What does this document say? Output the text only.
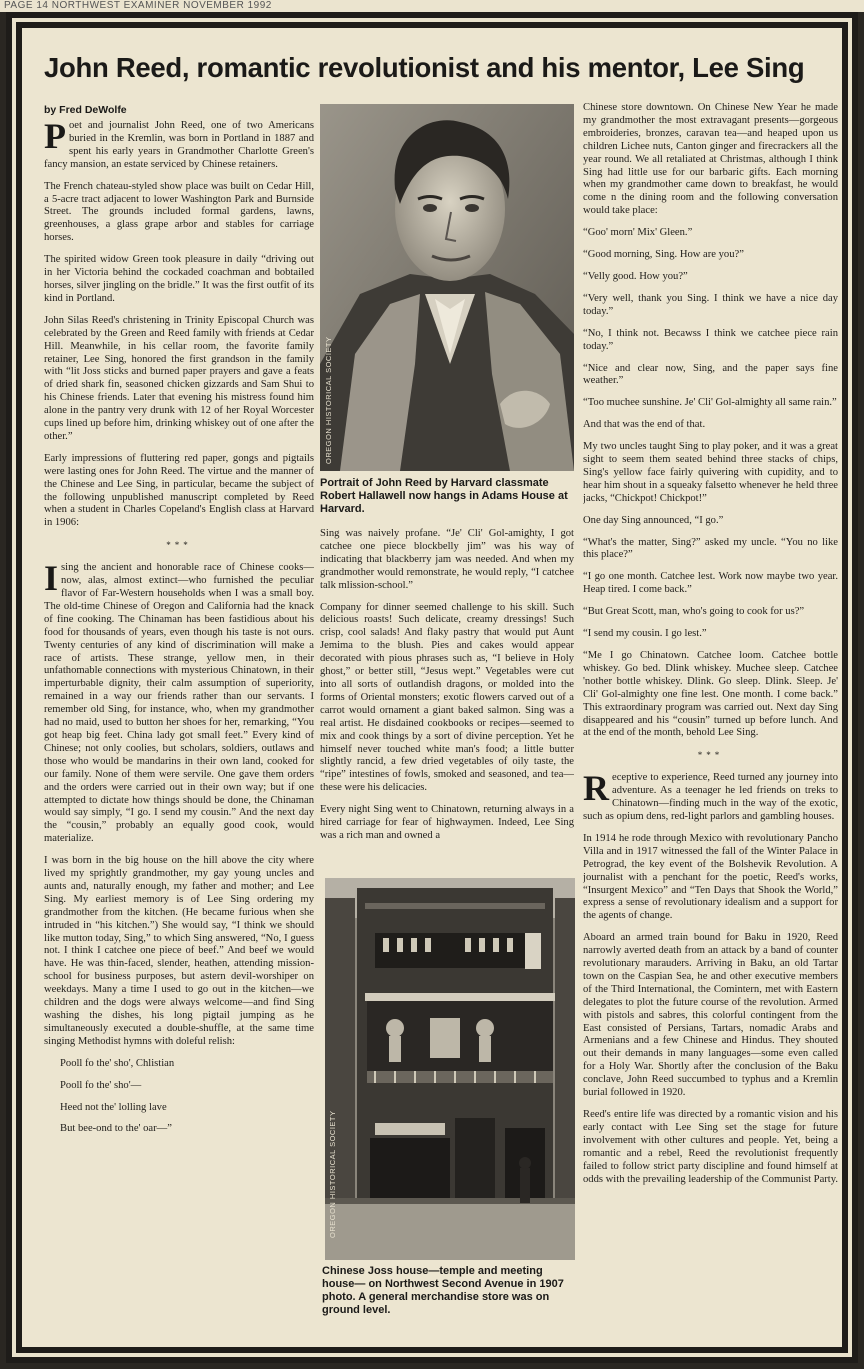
PAGE 14 NORTHWEST EXAMINER NOVEMBER 1992
John Reed, romantic revolutionist and his mentor, Lee Sing
by Fred DeWolfe

Poet and journalist John Reed, one of two Americans buried in the Kremlin, was born in Portland in 1887 and spent his early years in Grandmother Charlotte Green's fancy mansion, an estate serviced by Chinese retainers.

The French chateau-styled show place was built on Cedar Hill, a 5-acre tract adjacent to lower Washington Park and Burnside Street. The grounds included formal gardens, lawns, greenhouses, a glass grape arbor and stables for carriage horses.

The spirited widow Green took pleasure in daily “driving out in her Victoria behind the cockaded coachman and bobtailed horses, silver jingling on the bridle.” It was the first outfit of its kind in Portland.

John Silas Reed's christening in Trinity Episcopal Church was celebrated by the Green and Reed family with friends at Cedar Hill. Meanwhile, in his cellar room, the favorite family retainer, Lee Sing, honored the first grandson in the family with “lit Joss sticks and burned paper prayers and gave a feats of dried shark fin, seasoned chicken gizzards and Sam Shui to his Chinese friends. Later that evening his mistress found him alone in the pantry very drunk with 12 of her Royal Worcester cups lined up before him, drinking whiskey out of one after the other.”

Early impressions of fluttering red paper, gongs and pigtails were lasting ones for John Reed. The virtue and the manner of the Chinese and Lee Sing, in particular, became the subject of the following unpublished manuscript completed by Reed when a student in Charles Copeland's English class at Harvard in 1906:

***

Ising the ancient and honorable race of Chinese cooks—now, alas, almost extinct—who furnished the peculiar flavor of Far-Western households when I was a small boy. The old-time Chinese of Oregon and California had the knack of fine cooking. The Chinaman has been fastidious about his food for thousands of years, even though his taste is not ours. Twenty centuries of any kind of discrimination will make a race of artists. These strange, yellow men, in their unfathomable connections with mysterious Chinatown, in their imperturbable dignity, their calm assumption of superiority, remained in a way our friends rather than our servants. I remember old Sing, for instance, who, when my grandmother had no maid, used to button her shoes for her, remarking, “You got heap big feet. China lady got small feet.” Every kind of Chinese; not only coolies, but scholars, soldiers, outlaws and those who would be mandarins in their own land, cooked for our family. None of them were servile. One gave them orders and the orders were carried out in their own way; but if one attempted to dictate how things should be done, the Chinaman would say simply, “I go. I send my cousin.” And the next day the “cousin,” probably an equally good cook, would materialize.

I was born in the big house on the hill above the city where lived my sprightly grandmother, my gay young uncles and aunts and, naturally enough, my father and mother; and Lee Sing. My earliest memory is of Lee Sing ordering my grandmother from the kitchen. (He became furious when she intruded in “his kitchen.”) She would say, “I think we should like mutton today, Sing,” to which Sing answered, “No, I guess not. I think I catchee one piece of beef.” And beef we would have. He was thin-faced, slender, heathen, attending mission-school for business purposes, but astern devil-worshiper on weekdays. Many a time I used to go out in the kitchen—we children and the dogs were always welcome—and find Sing washing the dishes, his long pigtail jumping as he simultaneously executed a double-shuffle, at the same time singing Methodist hymns with doleful relish:

Pooll fo the' sho', Chlistian
Pooll fo the' sho'—
Heed not the' lolling lave
But bee-ond to the' oar—”
OREGON HISTORICAL SOCIETY
Portrait of John Reed by Harvard classmate Robert Hallawell now hangs in Adams House at Harvard.

Sing was naively profane. “Je' Cli' Gol-amighty, I got catchee one piece blockbelly jim” was his way of indicating that blackberry jam was needed. And when my grandmother would remonstrate, he would reply, “I catchee talk mlission-school.”

Company for dinner seemed challenge to his skill. Such delicious roasts! Such delicate, creamy dressings! Such crisp, cool salads! And flaky pastry that would put Aunt Jemima to the blush. Pies and cakes would appear decorated with pious phrases such as, “I believe in Holy ghost,” or better still, “Jesus wept.” Vegetables were cut into all sorts of outlandish dragons, or molded into the forms of Oriental monsters; exotic flowers carved out of a carrot would ornament a giant baked salmon. Sing was a real artist. He disdained cookbooks or recipes—seemed to mix and cook things by a sort of divine perception. Yet he himself never touched white man's food; a little butter slightly rancid, a few dried vegetables of oily taste, the “ripe” intestines of fowls, smoked and seasoned, and tea—these were his delicacies.

Every night Sing went to Chinatown, returning always in a hired carriage for fear of highwaymen. Indeed, Lee Sing was a rich man and owned a

OREGON HISTORICAL SOCIETY
Chinese Joss house—temple and meeting house— on Northwest Second Avenue in 1907 photo. A general merchandise store was on ground level.

Chinese store downtown. On Chinese New Year he made my grandmother the most extravagant presents—gorgeous embroideries, bronzes, caravan tea—and heaped upon us children Lichee nuts, Canton ginger and firecrackers all the year round. We all retaliated at Christmas, although I think Sing had little use for our barbaric gifts. Each morning when my grandmother came down to breakfast, he would come n the dining room and the following conversation would take place:

“Goo' morn' Mix' Gleen.”

“Good morning, Sing. How are you?”

“Velly good. How you?”

“Very well, thank you Sing. I think we have a nice day today.”

“No, I think not. Becawss I think we catchee piece rain today.”

“Nice and clear now, Sing, and the paper says fine weather.”

“Too muchee sunshine. Je' Cli' Gol-almighty all same rain.”

And that was the end of that.

My two uncles taught Sing to play poker, and it was a great sight to seem them seated behind three stacks of chips, Sing's yellow face fairly quivering with cupidity, and to hear him shout in a squeaky falsetto whenever he held three jacks, “Chickpot! Chickpot!”

One day Sing announced, “I go.”

“What's the matter, Sing?” asked my uncle. “You no like this place?”

“I go one month. Catchee lest. Work now maybe two year. Heap tired. I come back.”

“But Great Scott, man, who's going to cook for us?”

“I send my cousin. I go lest.”

“Me I go Chinatown. Catchee loom. Catchee bottle whiskey. Go bed. Dlink whiskey. Muchee sleep. Catchee 'nother bottle whiskey. Dlink. Go sleep. Dlink. Sleep. Je' Cli' Gol-almighty one fine lest. One month. I come back.” This extraordinary program was carried out. Next day Sing disappeared and his “cousin” turned up before lunch. And at the end of the month, behold Lee Sing.

***

Receptive to experience, Reed turned any journey into adventure. As a teenager he led friends on treks to Chinatown—finding much in the way of the exotic, such as opium dens, red-light parlors and gambling houses.

In 1914 he rode through Mexico with revolutionary Pancho Villa and in 1917 witnessed the fall of the Winter Palace in Petrograd, the key event of the Bolshevik Revolution. A journalist with a penchant for the poetic, Reed's works, “Insurgent Mexico” and “Ten Days that Shook the World,” express a sense of revolutionary idealism and a support for the agents of change.

Aboard an armed train bound for Baku in 1920, Reed narrowly averted death from an attack by a band of counter revolutionary marauders. Arriving in Baku, an old Tartar town on the Caspian Sea, he and other executive members of the Third International, the Comintern, met with Eastern delegates to plot the future course of the revolution. Armed with pistols and sabres, this colorful contingent from the East consisted of Persians, Tartars, nomadic Arabs and Armenians and a few Chinese and Hindus. They shouted out their demands in many languages—some even called for a Holy War. Shortly after the conclusion of the Baku conclave, John Reed succumbed to typhus and a Kremlin burial followed in 1920.

Reed's entire life was directed by a romantic vision and his early contact with Lee Sing set the stage for future involvement with other cultures and people. Yet, being a romantic and a rebel, Reed the revolutionist frequently failed to follow strict party discipline and found himself at odds with the prevailing leadership of the Communist Party.
